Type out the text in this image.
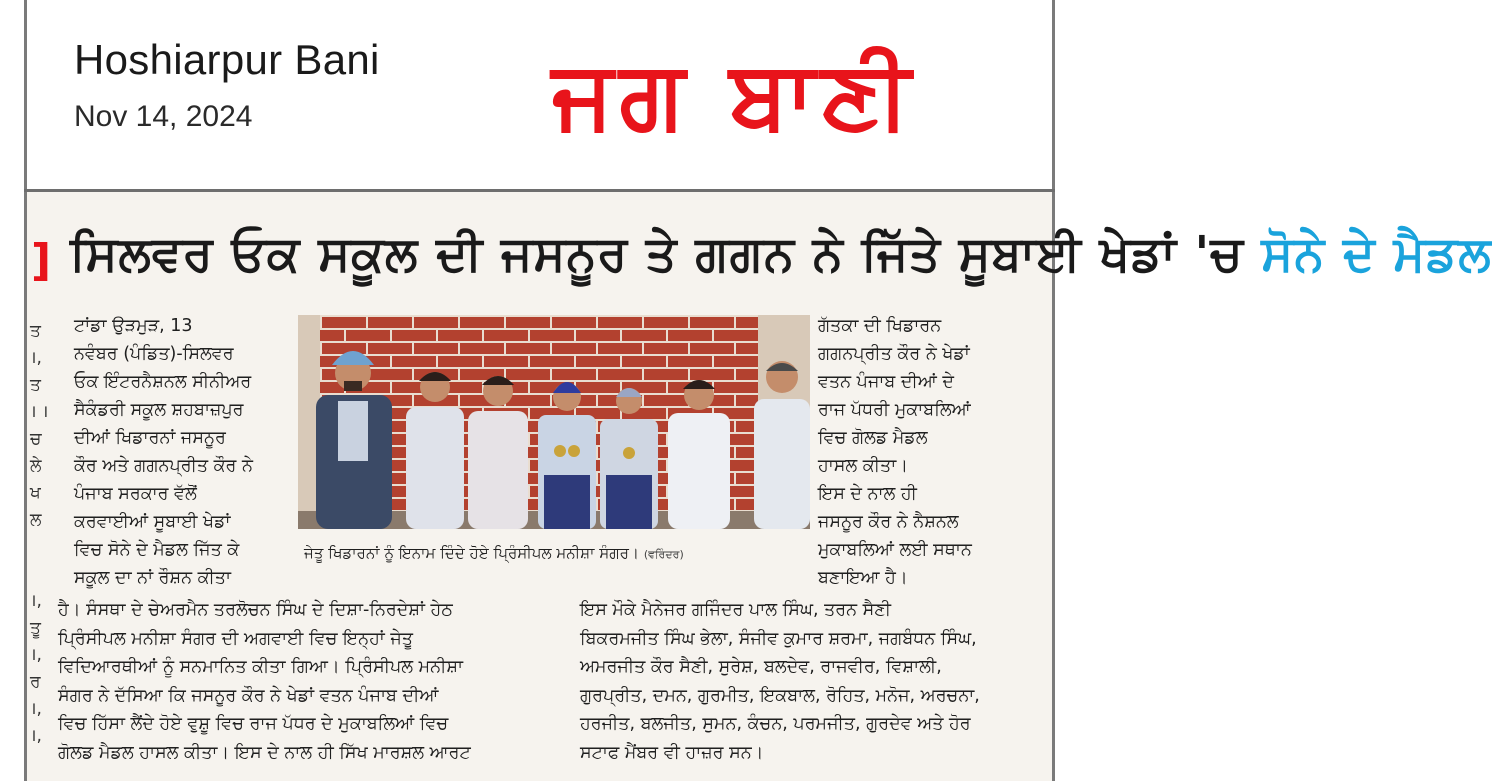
Hoshiarpur Bani
Nov 14, 2024	ਜਗ ਬਾਣੀ
]
ਤ
।,
ਤ
। ।
ਚ
ਲੇ
ਖ
ਲ
।,
ਤੂ
।,
ਰ
।,
।,
ਸਿਲਵਰ ਓਕ ਸਕੂਲ ਦੀ ਜਸਨੂਰ ਤੇ ਗਗਨ ਨੇ ਜਿੱਤੇ ਸੂਬਾਈ ਖੇਡਾਂ 'ਚ ਸੋਨੇ ਦੇ ਮੈਡਲ
ਟਾਂਡਾ ਉੜਮੁੜ, 13
ਨਵੰਬਰ (ਪੰਡਿਤ)-ਸਿਲਵਰ
ਓਕ ਇੰਟਰਨੈਸ਼ਨਲ ਸੀਨੀਅਰ
ਸੈਕੰਡਰੀ ਸਕੂਲ ਸ਼ਹਬਾਜ਼ਪੁਰ
ਦੀਆਂ ਖਿਡਾਰਨਾਂ ਜਸਨੂਰ
ਕੌਰ ਅਤੇ ਗਗਨਪ੍ਰੀਤ ਕੌਰ ਨੇ
ਪੰਜਾਬ ਸਰਕਾਰ ਵੱਲੋਂ
ਕਰਵਾਈਆਂ ਸੂਬਾਈ ਖੇਡਾਂ
ਵਿਚ ਸੋਨੇ ਦੇ ਮੈਡਲ ਜਿੱਤ ਕੇ
ਸਕੂਲ ਦਾ ਨਾਂ ਰੌਸ਼ਨ ਕੀਤਾ
ਗੱਤਕਾ ਦੀ ਖਿਡਾਰਨ
ਗਗਨਪ੍ਰੀਤ ਕੌਰ ਨੇ ਖੇਡਾਂ
ਵਤਨ ਪੰਜਾਬ ਦੀਆਂ ਦੇ
ਰਾਜ ਪੱਧਰੀ ਮੁਕਾਬਲਿਆਂ
ਵਿਚ ਗੋਲਡ ਮੈਡਲ
ਹਾਸਲ ਕੀਤਾ।
ਇਸ ਦੇ ਨਾਲ ਹੀ
ਜਸਨੂਰ ਕੌਰ ਨੇ ਨੈਸ਼ਨਲ
ਮੁਕਾਬਲਿਆਂ ਲਈ ਸਥਾਨ
ਬਣਾਇਆ ਹੈ।
ਜੇਤੂ ਖਿਡਾਰਨਾਂ ਨੂੰ ਇਨਾਮ ਦਿੰਦੇ ਹੋਏ ਪ੍ਰਿੰਸੀਪਲ ਮਨੀਸ਼ਾ ਸੰਗਰ। (ਵਰਿੰਦਰ)
ਹੈ। ਸੰਸਥਾ ਦੇ ਚੇਅਰਮੈਨ ਤਰਲੋਚਨ ਸਿੰਘ ਦੇ ਦਿਸ਼ਾ-ਨਿਰਦੇਸ਼ਾਂ ਹੇਠ
ਪ੍ਰਿੰਸੀਪਲ ਮਨੀਸ਼ਾ ਸੰਗਰ ਦੀ ਅਗਵਾਈ ਵਿਚ ਇਨ੍ਹਾਂ ਜੇਤੂ
ਵਿਦਿਆਰਥੀਆਂ ਨੂੰ ਸਨਮਾਨਿਤ ਕੀਤਾ ਗਿਆ। ਪ੍ਰਿੰਸੀਪਲ ਮਨੀਸ਼ਾ
ਸੰਗਰ ਨੇ ਦੱਸਿਆ ਕਿ ਜਸਨੂਰ ਕੌਰ ਨੇ ਖੇਡਾਂ ਵਤਨ ਪੰਜਾਬ ਦੀਆਂ
ਵਿਚ ਹਿੱਸਾ ਲੈਂਦੇ ਹੋਏ ਵੁਸ਼ੂ ਵਿਚ ਰਾਜ ਪੱਧਰ ਦੇ ਮੁਕਾਬਲਿਆਂ ਵਿਚ
ਗੋਲਡ ਮੈਡਲ ਹਾਸਲ ਕੀਤਾ। ਇਸ ਦੇ ਨਾਲ ਹੀ ਸਿੱਖ ਮਾਰਸ਼ਲ ਆਰਟ
ਇਸ ਮੌਕੇ ਮੈਨੇਜਰ ਗਜਿੰਦਰ ਪਾਲ ਸਿੰਘ, ਤਰਨ ਸੈਣੀ
ਬਿਕਰਮਜੀਤ ਸਿੰਘ ਭੇਲਾ, ਸੰਜੀਵ ਕੁਮਾਰ ਸ਼ਰਮਾ, ਜਗਬੰਧਨ ਸਿੰਘ,
ਅਮਰਜੀਤ ਕੌਰ ਸੈਣੀ, ਸੁਰੇਸ਼, ਬਲਦੇਵ, ਰਾਜਵੀਰ, ਵਿਸ਼ਾਲੀ,
ਗੁਰਪ੍ਰੀਤ, ਦਮਨ, ਗੁਰਮੀਤ, ਇਕਬਾਲ, ਰੋਹਿਤ, ਮਨੋਜ, ਅਰਚਨਾ,
ਹਰਜੀਤ, ਬਲਜੀਤ, ਸੁਮਨ, ਕੰਚਨ, ਪਰਮਜੀਤ, ਗੁਰਦੇਵ ਅਤੇ ਹੋਰ
ਸਟਾਫ ਮੈਂਬਰ ਵੀ ਹਾਜ਼ਰ ਸਨ।
